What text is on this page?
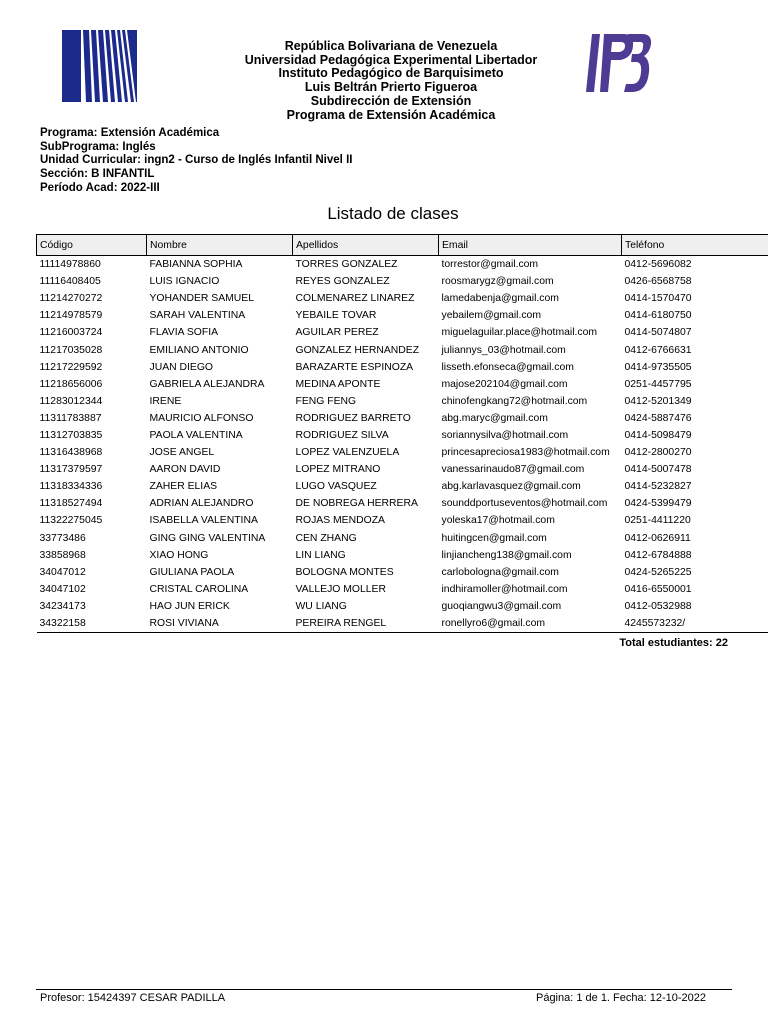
República Bolivariana de Venezuela
Universidad Pedagógica Experimental Libertador
Instituto Pedagógico de Barquisimeto
Luis Beltrán Prierto Figueroa
Subdirección de Extensión
Programa de Extensión Académica
Programa: Extensión Académica
SubPrograma: Inglés
Unidad Curricular: ingn2 - Curso de Inglés Infantil Nivel II
Sección: B INFANTIL
Período Acad: 2022-III
Listado de clases
Código	Nombre	Apellidos	Email	Teléfono
11114978860	FABIANNA SOPHIA	TORRES GONZALEZ	torrestor@gmail.com	0412-5696082
11116408405	LUIS IGNACIO	REYES GONZALEZ	roosmarygz@gmail.com	0426-6568758
11214270272	YOHANDER SAMUEL	COLMENAREZ LINAREZ	lamedabenja@gmail.com	0414-1570470
11214978579	SARAH VALENTINA	YEBAILE TOVAR	yebailem@gmail.com	0414-6180750
11216003724	FLAVIA SOFIA	AGUILAR PEREZ	miguelaguilar.place@hotmail.com	0414-5074807
11217035028	EMILIANO ANTONIO	GONZALEZ HERNANDEZ	juliannys_03@hotmail.com	0412-6766631
11217229592	JUAN DIEGO	BARAZARTE ESPINOZA	lisseth.efonseca@gmail.com	0414-9735505
11218656006	GABRIELA ALEJANDRA	MEDINA APONTE	majose202104@gmail.com	0251-4457795
11283012344	IRENE	FENG FENG	chinofengkang72@hotmail.com	0412-5201349
11311783887	MAURICIO ALFONSO	RODRIGUEZ BARRETO	abg.maryc@gmail.com	0424-5887476
11312703835	PAOLA VALENTINA	RODRIGUEZ SILVA	soriannysilva@hotmail.com	0414-5098479
11316438968	JOSE ANGEL	LOPEZ VALENZUELA	princesapreciosa1983@hotmail.com	0412-2800270
11317379597	AARON DAVID	LOPEZ MITRANO	vanessarinaudo87@gmail.com	0414-5007478
11318334336	ZAHER ELIAS	LUGO VASQUEZ	abg.karlavasquez@gmail.com	0414-5232827
11318527494	ADRIAN ALEJANDRO	DE NOBREGA HERRERA	sounddportuseventos@hotmail.com	0424-5399479
11322275045	ISABELLA VALENTINA	ROJAS MENDOZA	yoleska17@hotmail.com	0251-4411220
33773486	GING GING VALENTINA	CEN ZHANG	huitingcen@gmail.com	0412-0626911
33858968	XIAO HONG	LIN LIANG	linjiancheng138@gmail.com	0412-6784888
34047012	GIULIANA PAOLA	BOLOGNA MONTES	carlobologna@gmail.com	0424-5265225
34047102	CRISTAL CAROLINA	VALLEJO MOLLER	indhiramoller@hotmail.com	0416-6550001
34234173	HAO JUN ERICK	WU LIANG	guoqiangwu3@gmail.com	0412-0532988
34322158	ROSI VIVIANA	PEREIRA RENGEL	ronellyro6@gmail.com	4245573232/
Total estudiantes: 22
Profesor: 15424397 CESAR PADILLA	Página: 1 de 1. Fecha: 12-10-2022
